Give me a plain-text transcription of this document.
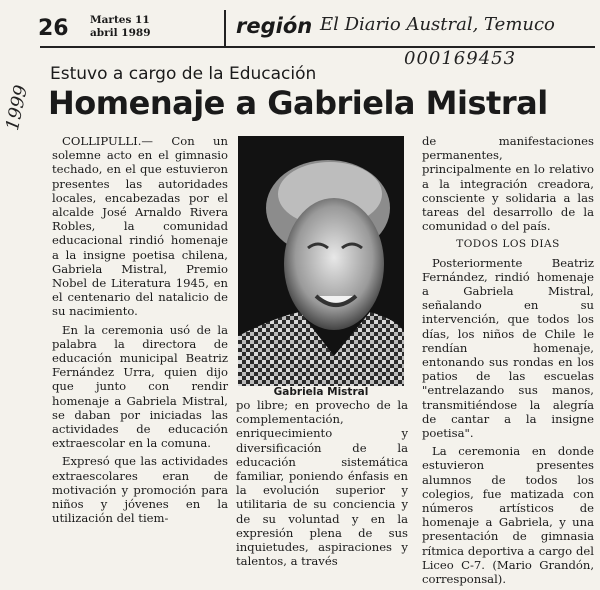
26 Martes 11
abril 1989	región El Diario Austral, Temuco
000169453
1999
Estuvo a cargo de la Educación
Homenaje a Gabriela Mistral

COLLIPULLI.— Con un solemne acto en el gimnasio techado, en el que estuvieron presentes las autoridades locales, encabezadas por el alcalde José Arnaldo Rivera Robles, la comunidad educacional rindió homenaje a la insigne poetisa chilena, Gabriela Mistral, Premio Nobel de Literatura 1945, en el centenario del natalicio de su nacimiento.

En la ceremonia usó de la palabra la directora de educación municipal Beatriz Fernández Urra, quien dijo que junto con rendir homenaje a Gabriela Mistral, se daban por iniciadas las actividades de educación extraescolar en la comuna.

Expresó que las actividades extraescolares eran de motivación y promoción para niños y jóvenes en la utilización del tiem-

Gabriela Mistral

po libre; en provecho de la complementación, enriquecimiento y diversificación de la educación sistemática familiar, poniendo énfasis en la evolución superior y utilitaria de su conciencia y de su voluntad y en la expresión plena de sus inquietudes, aspiraciones y talentos, a través

de manifestaciones permanentes, principalmente en lo relativo a la integración creadora, consciente y solidaria a las tareas del desarrollo de la comunidad o del país.

TODOS LOS DIAS

Posteriormente Beatriz Fernández, rindió homenaje a Gabriela Mistral, señalando en su intervención, que todos los días, los niños de Chile le rendían homenaje, entonando sus rondas en los patios de las escuelas "entrelazando sus manos, transmitiéndose la alegría de cantar a la insigne poetisa".

La ceremonia en donde estuvieron presentes alumnos de todos los colegios, fue matizada con números artísticos de homenaje a Gabriela, y una presentación de gimnasia rítmica deportiva a cargo del Liceo C-7. (Mario Grandón, corresponsal).
